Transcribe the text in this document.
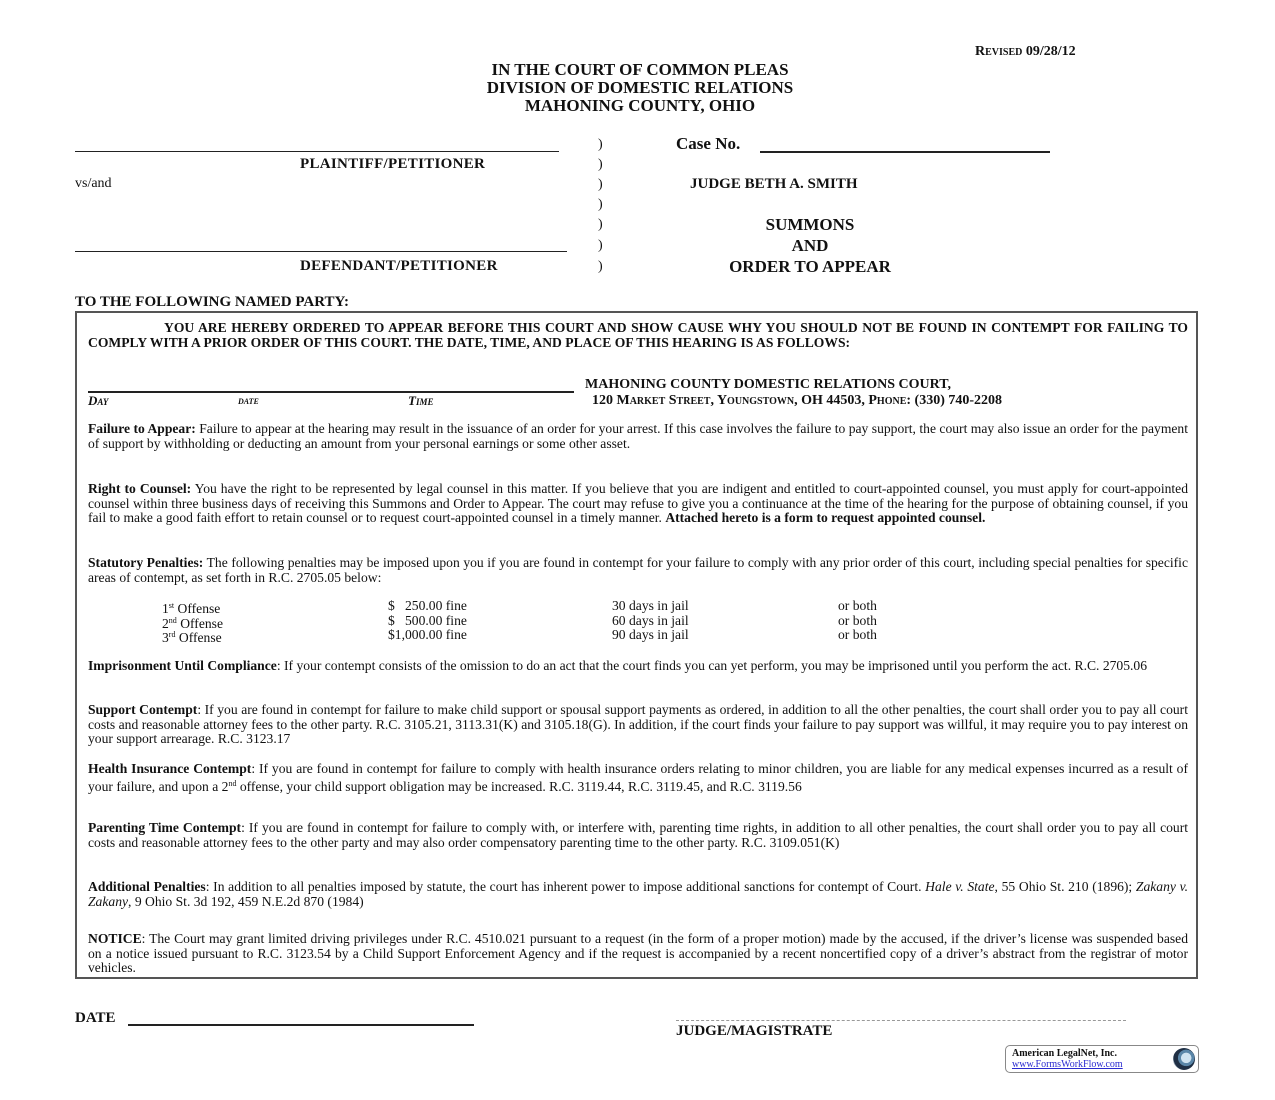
Revised 09/28/12
IN THE COURT OF COMMON PLEAS
DIVISION OF DOMESTIC RELATIONS
MAHONING COUNTY, OHIO
PLAINTIFF/PETITIONER
vs/and
DEFENDANT/PETITIONER
)
)
)
)
)
)
)
Case No.
JUDGE BETH A. SMITH
SUMMONS
AND
ORDER TO APPEAR
TO THE FOLLOWING NAMED PARTY:
YOU ARE HEREBY ORDERED TO APPEAR BEFORE THIS COURT AND SHOW CAUSE WHY YOU SHOULD NOT BE FOUND IN CONTEMPT FOR FAILING TO COMPLY WITH A PRIOR ORDER OF THIS COURT. THE DATE, TIME, AND PLACE OF THIS HEARING IS AS FOLLOWS:
Day	date	Time
MAHONING COUNTY DOMESTIC RELATIONS COURT,
120 Market Street, Youngstown, OH 44503, Phone: (330) 740-2208
Failure to Appear: Failure to appear at the hearing may result in the issuance of an order for your arrest. If this case involves the failure to pay support, the court may also issue an order for the payment of support by withholding or deducting an amount from your personal earnings or some other asset.
Right to Counsel: You have the right to be represented by legal counsel in this matter. If you believe that you are indigent and entitled to court-appointed counsel, you must apply for court-appointed counsel within three business days of receiving this Summons and Order to Appear. The court may refuse to give you a continuance at the time of the hearing for the purpose of obtaining counsel, if you fail to make a good faith effort to retain counsel or to request court-appointed counsel in a timely manner. Attached hereto is a form to request appointed counsel.
Statutory Penalties: The following penalties may be imposed upon you if you are found in contempt for your failure to comply with any prior order of this court, including special penalties for specific areas of contempt, as set forth in R.C. 2705.05 below:
1st Offense	$   250.00 fine	30 days in jail	or both
2nd Offense	$   500.00 fine	60 days in jail	or both
3rd Offense	$1,000.00 fine	90 days in jail	or both
Imprisonment Until Compliance: If your contempt consists of the omission to do an act that the court finds you can yet perform, you may be imprisoned until you perform the act. R.C. 2705.06
Support Contempt: If you are found in contempt for failure to make child support or spousal support payments as ordered, in addition to all the other penalties, the court shall order you to pay all court costs and reasonable attorney fees to the other party. R.C. 3105.21, 3113.31(K) and 3105.18(G). In addition, if the court finds your failure to pay support was willful, it may require you to pay interest on your support arrearage. R.C. 3123.17
Health Insurance Contempt: If you are found in contempt for failure to comply with health insurance orders relating to minor children, you are liable for any medical expenses incurred as a result of your failure, and upon a 2nd offense, your child support obligation may be increased. R.C. 3119.44, R.C. 3119.45, and R.C. 3119.56
Parenting Time Contempt: If you are found in contempt for failure to comply with, or interfere with, parenting time rights, in addition to all other penalties, the court shall order you to pay all court costs and reasonable attorney fees to the other party and may also order compensatory parenting time to the other party. R.C. 3109.051(K)
Additional Penalties: In addition to all penalties imposed by statute, the court has inherent power to impose additional sanctions for contempt of Court. Hale v. State, 55 Ohio St. 210 (1896); Zakany v. Zakany, 9 Ohio St. 3d 192, 459 N.E.2d 870 (1984)
NOTICE: The Court may grant limited driving privileges under R.C. 4510.021 pursuant to a request (in the form of a proper motion) made by the accused, if the driver’s license was suspended based on a notice issued pursuant to R.C. 3123.54 by a Child Support Enforcement Agency and if the request is accompanied by a recent noncertified copy of a driver’s abstract from the registrar of motor vehicles.
DATE
JUDGE/MAGISTRATE
American LegalNet, Inc.
www.FormsWorkFlow.com
